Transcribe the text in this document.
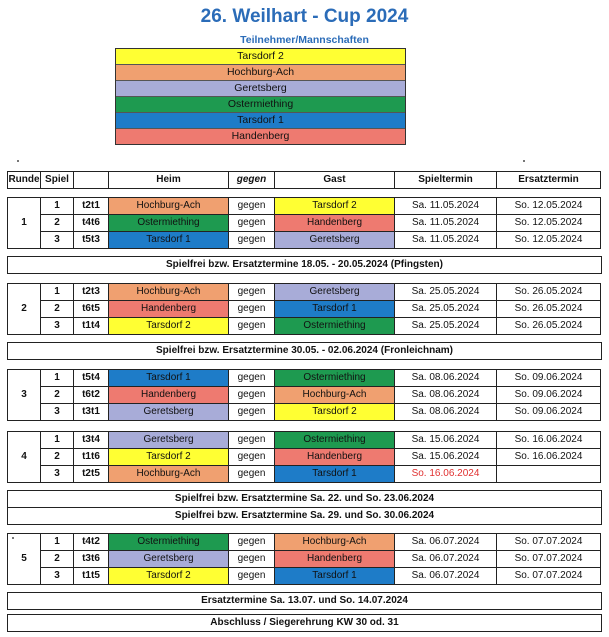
26. Weilhart - Cup 2024
Teilnehmer/Mannschaften
Tarsdorf 2
Hochburg-Ach
Geretsberg
Ostermiething
Tarsdorf 1
Handenberg
Runde	Spiel		Heim	gegen	Gast	Spieltermin	Ersatztermin
1	1	t2t1	Hochburg-Ach	gegen	Tarsdorf 2	Sa. 11.05.2024	So. 12.05.2024
	2	t4t6	Ostermiething	gegen	Handenberg	Sa. 11.05.2024	So. 12.05.2024
	3	t5t3	Tarsdorf 1	gegen	Geretsberg	Sa. 11.05.2024	So. 12.05.2024
2	1	t2t3	Hochburg-Ach	gegen	Geretsberg	Sa. 25.05.2024	So. 26.05.2024
	2	t6t5	Handenberg	gegen	Tarsdorf 1	Sa. 25.05.2024	So. 26.05.2024
	3	t1t4	Tarsdorf 2	gegen	Ostermiething	Sa. 25.05.2024	So. 26.05.2024
3	1	t5t4	Tarsdorf 1	gegen	Ostermiething	Sa. 08.06.2024	So. 09.06.2024
	2	t6t2	Handenberg	gegen	Hochburg-Ach	Sa. 08.06.2024	So. 09.06.2024
	3	t3t1	Geretsberg	gegen	Tarsdorf 2	Sa. 08.06.2024	So. 09.06.2024
4	1	t3t4	Geretsberg	gegen	Ostermiething	Sa. 15.06.2024	So. 16.06.2024
	2	t1t6	Tarsdorf 2	gegen	Handenberg	Sa. 15.06.2024	So. 16.06.2024
	3	t2t5	Hochburg-Ach	gegen	Tarsdorf 1	So. 16.06.2024	
5	1	t4t2	Ostermiething	gegen	Hochburg-Ach	Sa. 06.07.2024	So. 07.07.2024
	2	t3t6	Geretsberg	gegen	Handenberg	Sa. 06.07.2024	So. 07.07.2024
	3	t1t5	Tarsdorf 2	gegen	Tarsdorf 1	Sa. 06.07.2024	So. 07.07.2024
Spielfrei bzw. Ersatztermine 18.05. - 20.05.2024 (Pfingsten)
Spielfrei bzw. Ersatztermine 30.05. - 02.06.2024 (Fronleichnam)
Spielfrei bzw. Ersatztermine Sa. 22. und So. 23.06.2024
Spielfrei bzw. Ersatztermine Sa. 29. und So. 30.06.2024
Ersatztermine Sa. 13.07. und So. 14.07.2024
Abschluss / Siegerehrung KW 30 od. 31
